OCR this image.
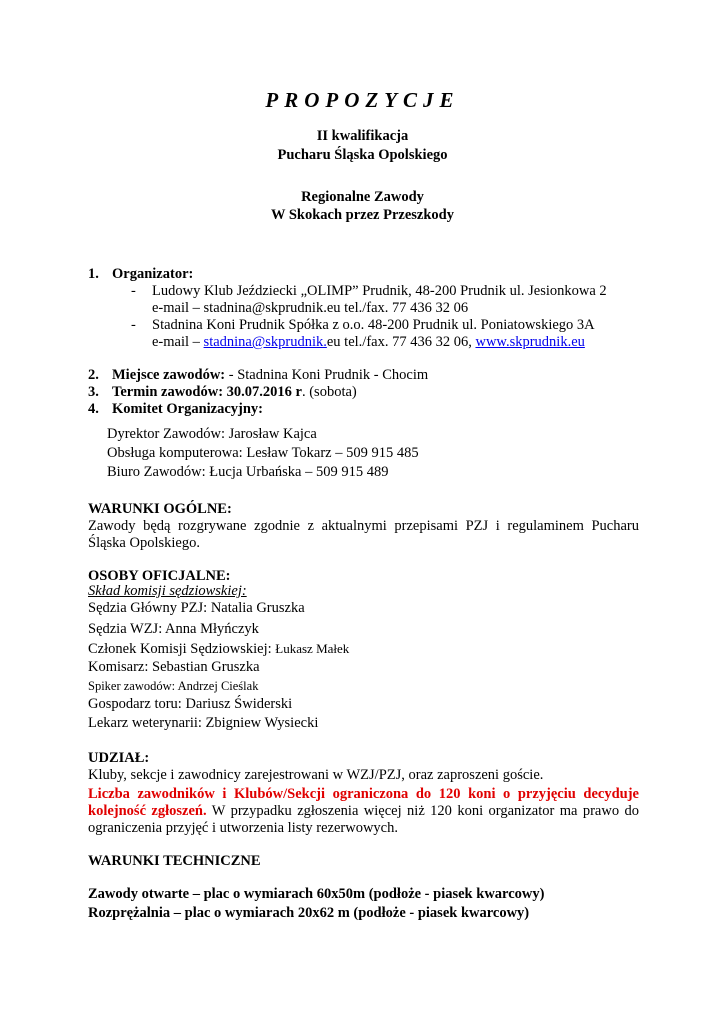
PROPOZYCJE
II kwalifikacja
Pucharu Śląska Opolskiego
Regionalne Zawody
W Skokach przez Przeszkody
1. Organizator:
- Ludowy Klub Jeździecki „OLIMP” Prudnik, 48-200 Prudnik ul. Jesionkowa 2
e-mail – stadnina@skprudnik.eu tel./fax. 77 436 32 06
- Stadnina Koni Prudnik Spółka z o.o. 48-200 Prudnik ul. Poniatowskiego 3A
e-mail – stadnina@skprudnik.eu tel./fax. 77 436 32 06, www.skprudnik.eu
2. Miejsce zawodów: - Stadnina Koni Prudnik - Chocim
3. Termin zawodów: 30.07.2016 r. (sobota)
4. Komitet Organizacyjny:
Dyrektor Zawodów: Jarosław Kajca
Obsługa komputerowa: Lesław Tokarz – 509 915 485
Biuro Zawodów: Łucja Urbańska – 509 915 489
WARUNKI OGÓLNE:
Zawody będą rozgrywane zgodnie z aktualnymi przepisami PZJ i regulaminem Pucharu
Śląska Opolskiego.
OSOBY OFICJALNE:
Skład komisji sędziowskiej:
Sędzia Główny PZJ: Natalia Gruszka
Sędzia WZJ: Anna Młyńczyk
Członek Komisji Sędziowskiej: Łukasz Małek
Komisarz: Sebastian Gruszka
Spiker zawodów: Andrzej Cieślak
Gospodarz toru: Dariusz Świderski
Lekarz weterynarii: Zbigniew Wysiecki
UDZIAŁ:
Kluby, sekcje i zawodnicy zarejestrowani w WZJ/PZJ, oraz zaproszeni goście.
Liczba zawodników i Klubów/Sekcji ograniczona do 120 koni o przyjęciu decyduje
kolejność zgłoszeń. W przypadku zgłoszenia więcej niż 120 koni organizator ma prawo do
ograniczenia przyjęć i utworzenia listy rezerwowych.
WARUNKI TECHNICZNE
Zawody otwarte – plac o wymiarach 60x50m (podłoże - piasek kwarcowy)
Rozprężalnia – plac o wymiarach 20x62 m (podłoże - piasek kwarcowy)
